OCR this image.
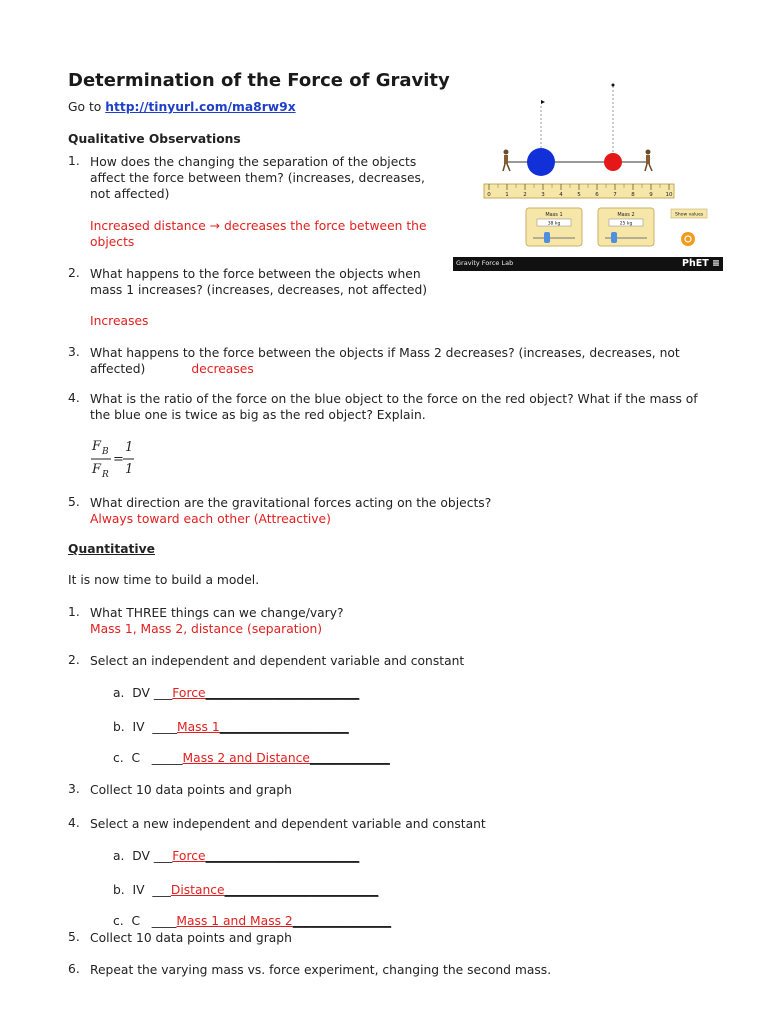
Determination of the Force of Gravity
Go to http://tinyurl.com/ma8rw9x
Qualitative Observations
1. How does the changing the separation of the objects
affect the force between them? (increases, decreases,
not affected)
Increased distance → decreases the force between the
objects
2. What happens to the force between the objects when
mass 1 increases? (increases, decreases, not affected)
Increases
3. What happens to the force between the objects if Mass 2 decreases? (increases, decreases, not
affected)	decreases
4. What is the ratio of the force on the blue object to the force on the red object? What if the mass of
the blue one is twice as big as the red object? Explain.
F B
F R
=
1
1
5. What direction are the gravitational forces acting on the objects?
Always toward each other (Attreactive)
Quantitative
It is now time to build a model.
1. What THREE things can we change/vary?
Mass 1, Mass 2, distance (separation)
2. Select an independent and dependent variable and constant
a.  DV ___Force_________________________
b.  IV  ____Mass 1_____________________
c.  C   _____Mass 2 and Distance_____________
3. Collect 10 data points and graph
4. Select a new independent and dependent variable and constant
a.  DV ___Force_________________________
b.  IV  ___Distance_________________________
c.  C   ____Mass 1 and Mass 2________________
5. Collect 10 data points and graph
6. Repeat the varying mass vs. force experiment, changing the second mass.
0	1	2	3	4	5	6	7	8	9 10
Mass 1
38 kg
Mass 2
25 kg
Show values
Gravity Force Lab	PhET ≡
